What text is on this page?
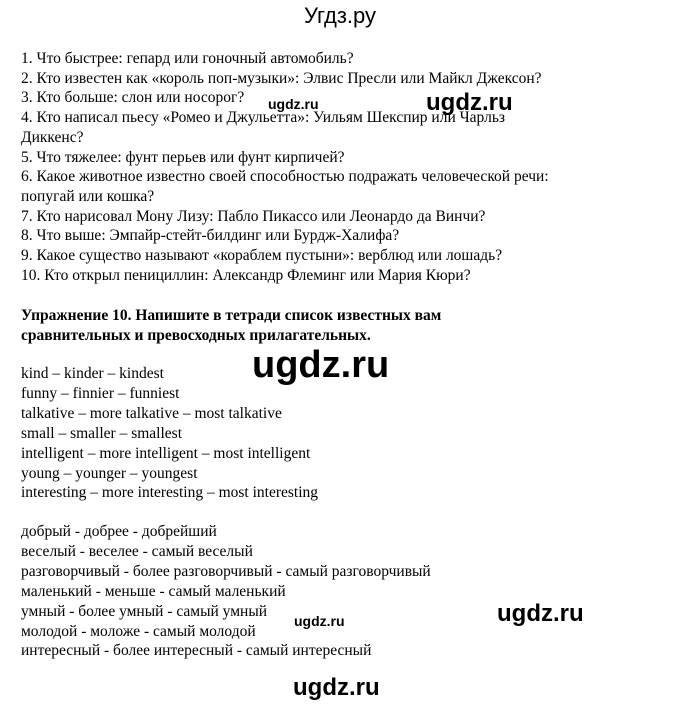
Угдз.ру
1. Что быстрее: гепард или гоночный автомобиль?
2. Кто известен как «король поп-музыки»: Элвис Пресли или Майкл Джексон?
3. Кто больше: слон или носорог?
4. Кто написал пьесу «Ромео и Джульетта»: Уильям Шекспир или Чарльз
Диккенс?
5. Что тяжелее: фунт перьев или фунт кирпичей?
6. Какое животное известно своей способностью подражать человеческой речи:
попугай или кошка?
7. Кто нарисовал Мону Лизу: Пабло Пикассо или Леонардо да Винчи?
8. Что выше: Эмпайр-стейт-билдинг или Бурдж-Халифа?
9. Какое существо называют «кораблем пустыни»: верблюд или лошадь?
10. Кто открыл пенициллин: Александр Флеминг или Мария Кюри?
Упражнение 10. Напишите в тетради список известных вам
сравнительных и превосходных прилагательных.
kind – kinder – kindest
funny – finnier – funniest
talkative – more talkative – most talkative
small – smaller – smallest
intelligent – more intelligent – most intelligent
young – younger – youngest
interesting – more interesting – most interesting
добрый - добрее - добрейший
веселый - веселее - самый веселый
разговорчивый - более разговорчивый - самый разговорчивый
маленький - меньше - самый маленький
умный - более умный - самый умный
молодой - моложе - самый молодой
интересный - более интересный - самый интересный
ugdz.ru	ugdz.ru
ugdz.ru
ugdz.ru
ugdz.ru
ugdz.ru
